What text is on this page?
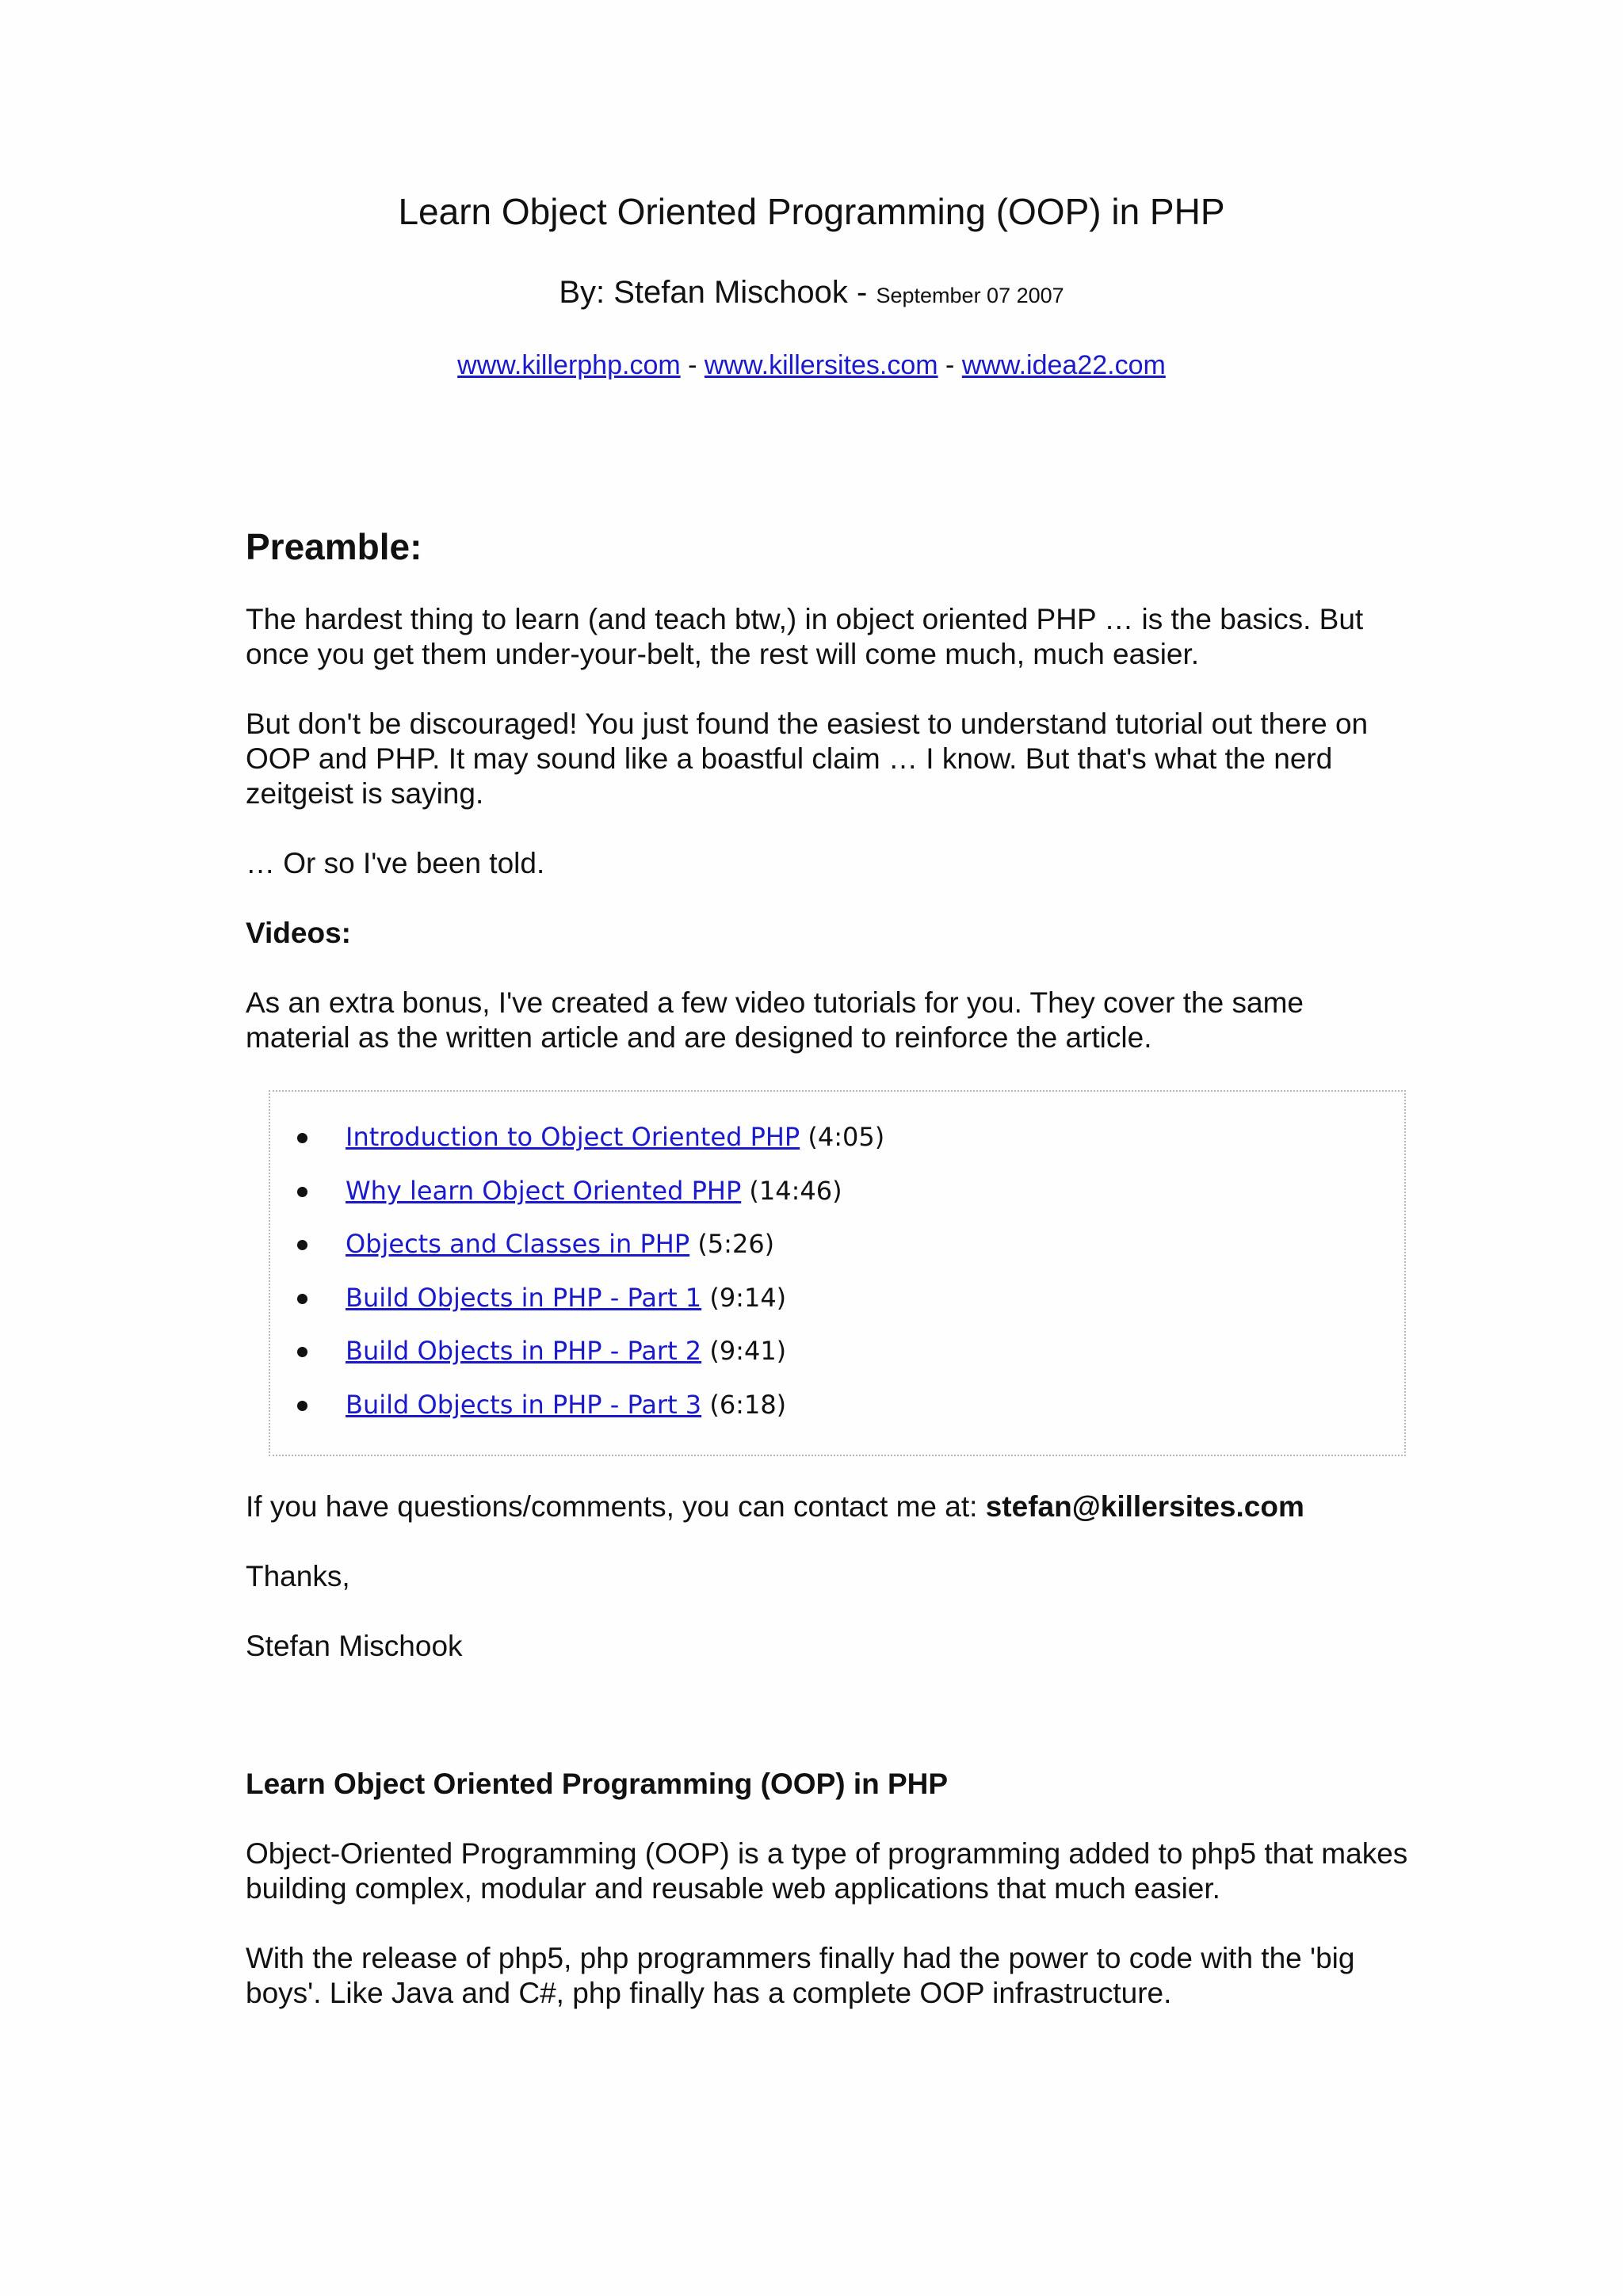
Learn Object Oriented Programming (OOP) in PHP
By: Stefan Mischook - September 07 2007
www.killerphp.com - www.killersites.com - www.idea22.com
Preamble:

The hardest thing to learn (and teach btw,) in object oriented PHP … is the basics. But once you get them under-your-belt, the rest will come much, much easier.

But don't be discouraged! You just found the easiest to understand tutorial out there on OOP and PHP. It may sound like a boastful claim … I know. But that's what the nerd zeitgeist is saying.

… Or so I've been told.

Videos:

As an extra bonus, I've created a few video tutorials for you. They cover the same material as the written article and are designed to reinforce the article.

Introduction to Object Oriented PHP (4:05)
Why learn Object Oriented PHP (14:46)
Objects and Classes in PHP (5:26)
Build Objects in PHP - Part 1 (9:14)
Build Objects in PHP - Part 2 (9:41)
Build Objects in PHP - Part 3 (6:18)

If you have questions/comments, you can contact me at: stefan@killersites.com

Thanks,

Stefan Mischook

Learn Object Oriented Programming (OOP) in PHP

Object-Oriented Programming (OOP) is a type of programming added to php5 that makes building complex, modular and reusable web applications that much easier.

With the release of php5, php programmers finally had the power to code with the 'big boys'. Like Java and C#, php finally has a complete OOP infrastructure.
